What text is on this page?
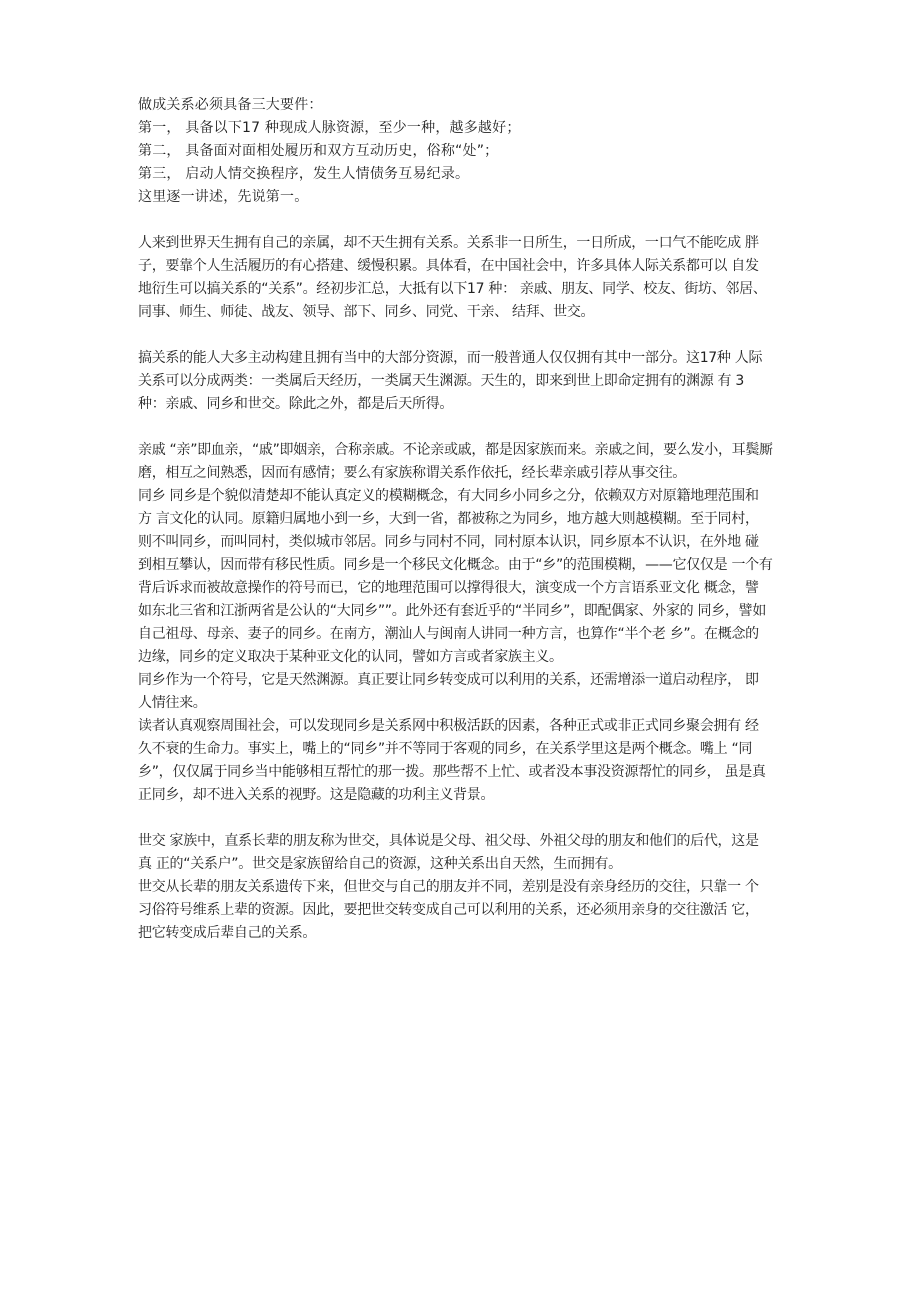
做成关系必须具备三大要件：
第一， 具备以下17 种现成人脉资源，至少一种，越多越好；
第二， 具备面对面相处履历和双方互动历史，俗称“处”；
第三， 启动人情交换程序，发生人情债务互易纪录。
这里逐一讲述，先说第一。
人来到世界天生拥有自己的亲属，却不天生拥有关系。关系非一日所生，一日所成，一口气不能吃成 胖
子，要靠个人生活履历的有心搭建、缓慢积累。具体看，在中国社会中，许多具体人际关系都可以 自发
地衍生可以搞关系的“关系”。经初步汇总，大抵有以下17 种： 亲戚、朋友、同学、校友、街坊、邻居、
同事、师生、师徒、战友、领导、部下、同乡、同党、干亲、 结拜、世交。
搞关系的能人大多主动构建且拥有当中的大部分资源，而一般普通人仅仅拥有其中一部分。这17种 人际
关系可以分成两类：一类属后天经历，一类属天生渊源。天生的，即来到世上即命定拥有的渊源 有 3
种：亲戚、同乡和世交。除此之外，都是后天所得。
亲戚 “亲”即血亲，“戚”即姻亲，合称亲戚。不论亲或戚，都是因家族而来。亲戚之间，要么发小，耳鬓厮
磨，相互之间熟悉，因而有感情；要么有家族称谓关系作依托，经长辈亲戚引荐从事交往。
同乡 同乡是个貌似清楚却不能认真定义的模糊概念，有大同乡小同乡之分，依赖双方对原籍地理范围和
方 言文化的认同。原籍归属地小到一乡，大到一省，都被称之为同乡，地方越大则越模糊。至于同村，
则不叫同乡，而叫同村，类似城市邻居。同乡与同村不同，同村原本认识，同乡原本不认识，在外地 碰
到相互攀认，因而带有移民性质。同乡是一个移民文化概念。由于“乡”的范围模糊，——它仅仅是 一个有
背后诉求而被故意操作的符号而已，它的地理范围可以撑得很大，演变成一个方言语系亚文化 概念，譬
如东北三省和江浙两省是公认的“大同乡””。此外还有套近乎的“半同乡”，即配偶家、外家的 同乡，譬如
自己祖母、母亲、妻子的同乡。在南方，潮汕人与闽南人讲同一种方言，也算作“半个老 乡”。在概念的
边缘，同乡的定义取决于某种亚文化的认同，譬如方言或者家族主义。
同乡作为一个符号，它是天然渊源。真正要让同乡转变成可以利用的关系，还需增添一道启动程序， 即
人情往来。
读者认真观察周围社会，可以发现同乡是关系网中积极活跃的因素，各种正式或非正式同乡聚会拥有 经
久不衰的生命力。事实上，嘴上的“同乡”并不等同于客观的同乡，在关系学里这是两个概念。嘴上 “同
乡”，仅仅属于同乡当中能够相互帮忙的那一拨。那些帮不上忙、或者没本事没资源帮忙的同乡， 虽是真
正同乡，却不进入关系的视野。这是隐藏的功利主义背景。
世交 家族中，直系长辈的朋友称为世交，具体说是父母、祖父母、外祖父母的朋友和他们的后代，这是
真 正的“关系户”。世交是家族留给自己的资源，这种关系出自天然，生而拥有。
世交从长辈的朋友关系遗传下来，但世交与自己的朋友并不同，差别是没有亲身经历的交往，只靠一 个
习俗符号维系上辈的资源。因此，要把世交转变成自己可以利用的关系，还必须用亲身的交往激活 它，
把它转变成后辈自己的关系。
